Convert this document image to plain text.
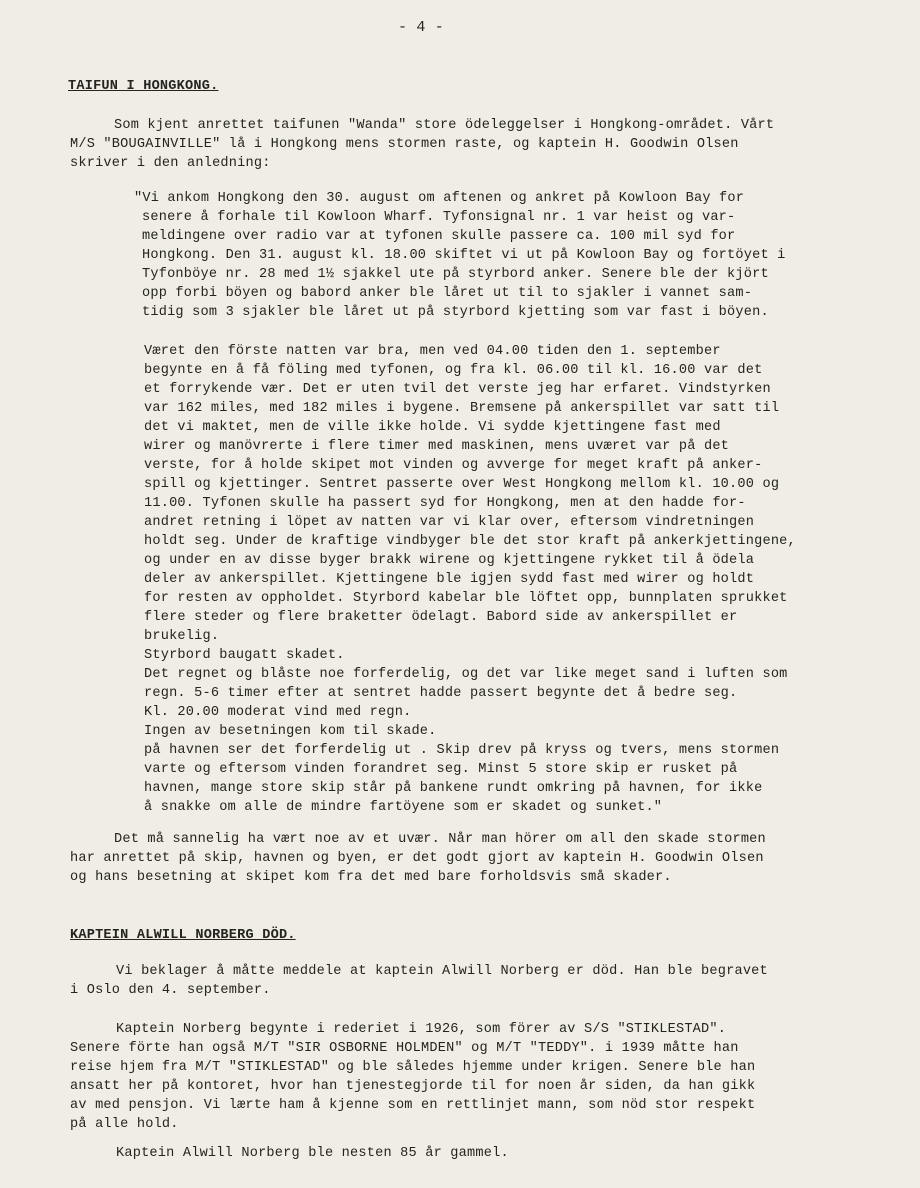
- 4 -
TAIFUN I HONGKONG.
Som kjent anrettet taifunen "Wanda" store ödeleggelser i Hongkong-området. Vårt
M/S "BOUGAINVILLE" lå i Hongkong mens stormen raste, og kaptein H. Goodwin Olsen
skriver i den anledning:
"Vi ankom Hongkong den 30. august om aftenen og ankret på Kowloon Bay for
senere å forhale til Kowloon Wharf. Tyfonsignal nr. 1 var heist og var-
meldingene over radio var at tyfonen skulle passere ca. 100 mil syd for
Hongkong. Den 31. august kl. 18.00 skiftet vi ut på Kowloon Bay og fortöyet i
Tyfonböye nr. 28 med 1½ sjakkel ute på styrbord anker. Senere ble der kjört
opp forbi böyen og babord anker ble låret ut til to sjakler i vannet sam-
tidig som 3 sjakler ble låret ut på styrbord kjetting som var fast i böyen.
Været den förste natten var bra, men ved 04.00 tiden den 1. september
begynte en å få föling med tyfonen, og fra kl. 06.00 til kl. 16.00 var det
et forrykende vær. Det er uten tvil det verste jeg har erfaret. Vindstyrken
var 162 miles, med 182 miles i bygene. Bremsene på ankerspillet var satt til
det vi maktet, men de ville ikke holde. Vi sydde kjettingene fast med
wirer og manövrerte i flere timer med maskinen, mens uværet var på det
verste, for å holde skipet mot vinden og avverge for meget kraft på anker-
spill og kjettinger. Sentret passerte over West Hongkong mellom kl. 10.00 og
11.00. Tyfonen skulle ha passert syd for Hongkong, men at den hadde for-
andret retning i löpet av natten var vi klar over, eftersom vindretningen
holdt seg. Under de kraftige vindbyger ble det stor kraft på ankerkjettingene,
og under en av disse byger brakk wirene og kjettingene rykket til å ödela
deler av ankerspillet. Kjettingene ble igjen sydd fast med wirer og holdt
for resten av oppholdet. Styrbord kabelar ble löftet opp, bunnplaten sprukket
flere steder og flere braketter ödelagt. Babord side av ankerspillet er
brukelig.
Styrbord baugatt skadet.
Det regnet og blåste noe forferdelig, og det var like meget sand i luften som
regn. 5-6 timer efter at sentret hadde passert begynte det å bedre seg.
Kl. 20.00 moderat vind med regn.
Ingen av besetningen kom til skade.
på havnen ser det forferdelig ut . Skip drev på kryss og tvers, mens stormen
varte og eftersom vinden forandret seg. Minst 5 store skip er rusket på
havnen, mange store skip står på bankene rundt omkring på havnen, for ikke
å snakke om alle de mindre fartöyene som er skadet og sunket."
Det må sannelig ha vært noe av et uvær. Når man hörer om all den skade stormen
har anrettet på skip, havnen og byen, er det godt gjort av kaptein H. Goodwin Olsen
og hans besetning at skipet kom fra det med bare forholdsvis små skader.
KAPTEIN ALWILL NORBERG DÖD.
Vi beklager å måtte meddele at kaptein Alwill Norberg er död. Han ble begravet
i Oslo den 4. september.
Kaptein Norberg begynte i rederiet i 1926, som förer av S/S "STIKLESTAD".
Senere förte han også M/T "SIR OSBORNE HOLMDEN" og M/T "TEDDY". i 1939 måtte han
reise hjem fra M/T "STIKLESTAD" og ble således hjemme under krigen. Senere ble han
ansatt her på kontoret, hvor han tjenestegjorde til for noen år siden, da han gikk
av med pensjon. Vi lærte ham å kjenne som en rettlinjet mann, som nöd stor respekt
på alle hold.
Kaptein Alwill Norberg ble nesten 85 år gammel.
